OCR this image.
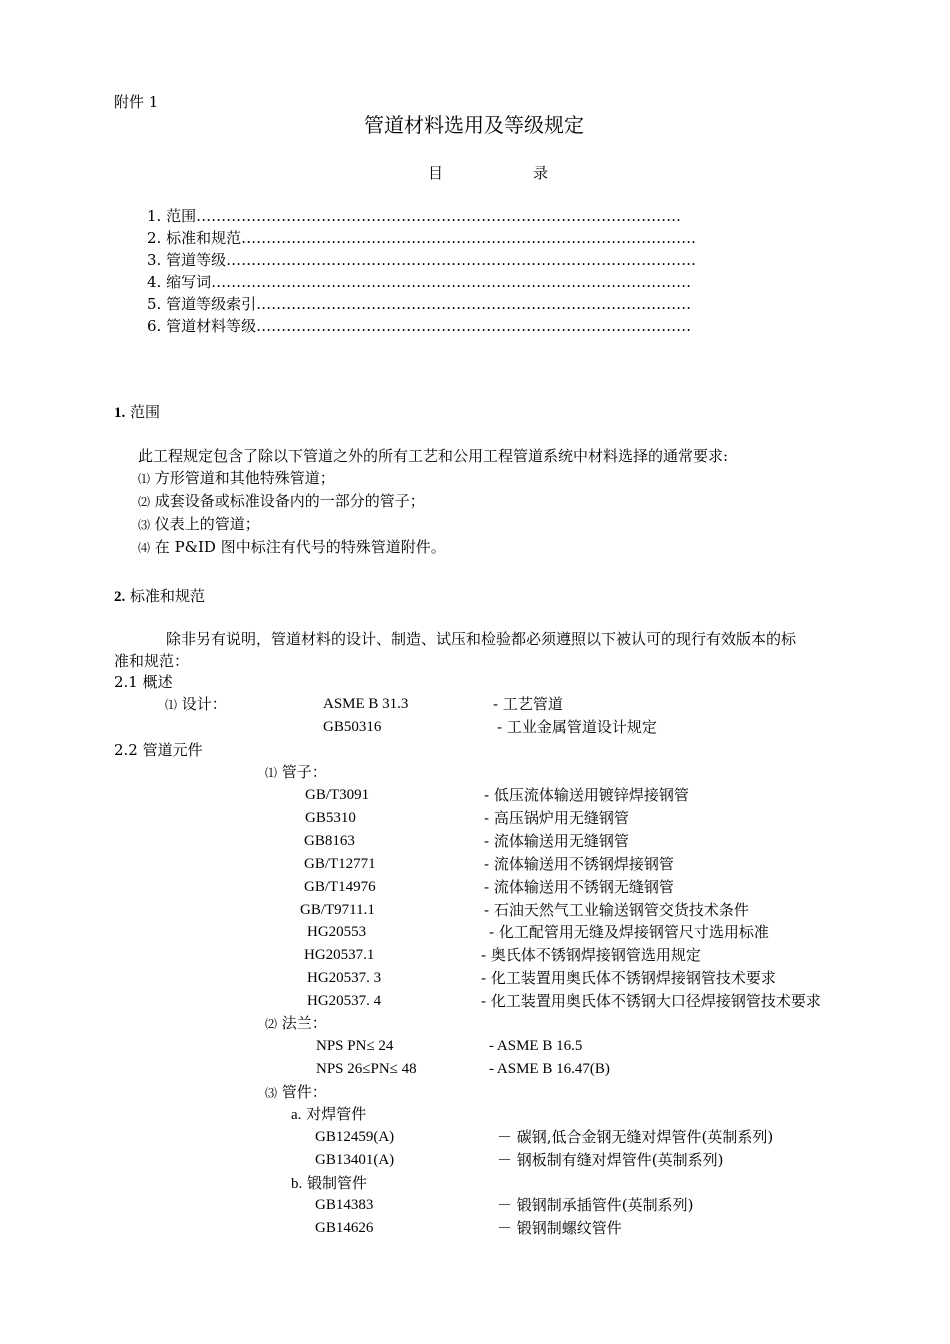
附件 1
管道材料选用及等级规定
目	录
1. 范围…………………………………………………………………………………….
2. 标准和规范……………………………………………………………………………….
3. 管道等级………………………………………………………………………………….
4. 缩写词……………………………………………………………………………………
5. 管道等级索引……………………………………………………………………………
6. 管道材料等级……………………………………………………………………………
1. 范围
此工程规定包含了除以下管道之外的所有工艺和公用工程管道系统中材料选择的通常要求:
⑴ 方形管道和其他特殊管道；
⑵ 成套设备或标准设备内的一部分的管子；
⑶ 仪表上的管道；
⑷ 在 P&ID 图中标注有代号的特殊管道附件。
2. 标准和规范
除非另有说明，管道材料的设计、制造、试压和检验都必须遵照以下被认可的现行有效版本的标
准和规范：
2.1 概述
⑴ 设计：	ASME B 31.3	- 工艺管道
GB50316	- 工业金属管道设计规定
2.2 管道元件
⑴ 管子：
GB/T3091	- 低压流体输送用镀锌焊接钢管
GB5310	- 高压锅炉用无缝钢管
GB8163	- 流体输送用无缝钢管
GB/T12771	- 流体输送用不锈钢焊接钢管
GB/T14976	- 流体输送用不锈钢无缝钢管
GB/T9711.1	- 石油天然气工业输送钢管交货技术条件
HG20553	- 化工配管用无缝及焊接钢管尺寸选用标准
HG20537.1	- 奥氏体不锈钢焊接钢管选用规定
HG20537. 3	- 化工装置用奥氏体不锈钢焊接钢管技术要求
HG20537. 4	- 化工装置用奥氏体不锈钢大口径焊接钢管技术要求
⑵ 法兰：
NPS PN≤ 24	- ASME B 16.5
NPS 26≤PN≤ 48	- ASME B 16.47(B)
⑶ 管件：
a. 对焊管件
GB12459(A)	－ 碳钢,低合金钢无缝对焊管件(英制系列)
GB13401(A)	－ 钢板制有缝对焊管件(英制系列)
b. 锻制管件
GB14383	－ 锻钢制承插管件(英制系列)
GB14626	－ 锻钢制螺纹管件
